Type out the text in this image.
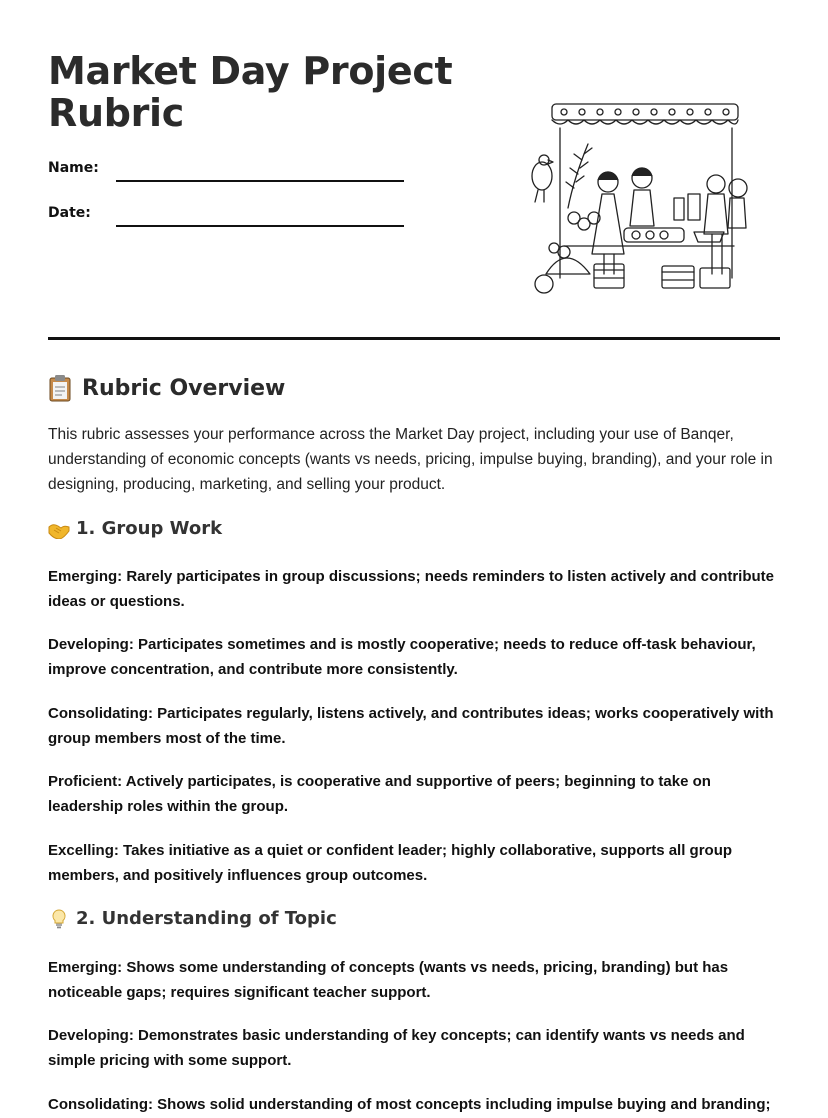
Market Day Project Rubric
Name:
Date:
Rubric Overview

This rubric assesses your performance across the Market Day project, including your use of Banqer, understanding of economic concepts (wants vs needs, pricing, impulse buying, branding), and your role in designing, producing, marketing, and selling your product.

1. Group Work

Emerging: Rarely participates in group discussions; needs reminders to listen actively and contribute ideas or questions.

Developing: Participates sometimes and is mostly cooperative; needs to reduce off-task behaviour, improve concentration, and contribute more consistently.

Consolidating: Participates regularly, listens actively, and contributes ideas; works cooperatively with group members most of the time.

Proficient: Actively participates, is cooperative and supportive of peers; beginning to take on leadership roles within the group.

Excelling: Takes initiative as a quiet or confident leader; highly collaborative, supports all group members, and positively influences group outcomes.

2. Understanding of Topic

Emerging: Shows some understanding of concepts (wants vs needs, pricing, branding) but has noticeable gaps; requires significant teacher support.

Developing: Demonstrates basic understanding of key concepts; can identify wants vs needs and simple pricing with some support.

Consolidating: Shows solid understanding of most concepts including impulse buying and branding;
